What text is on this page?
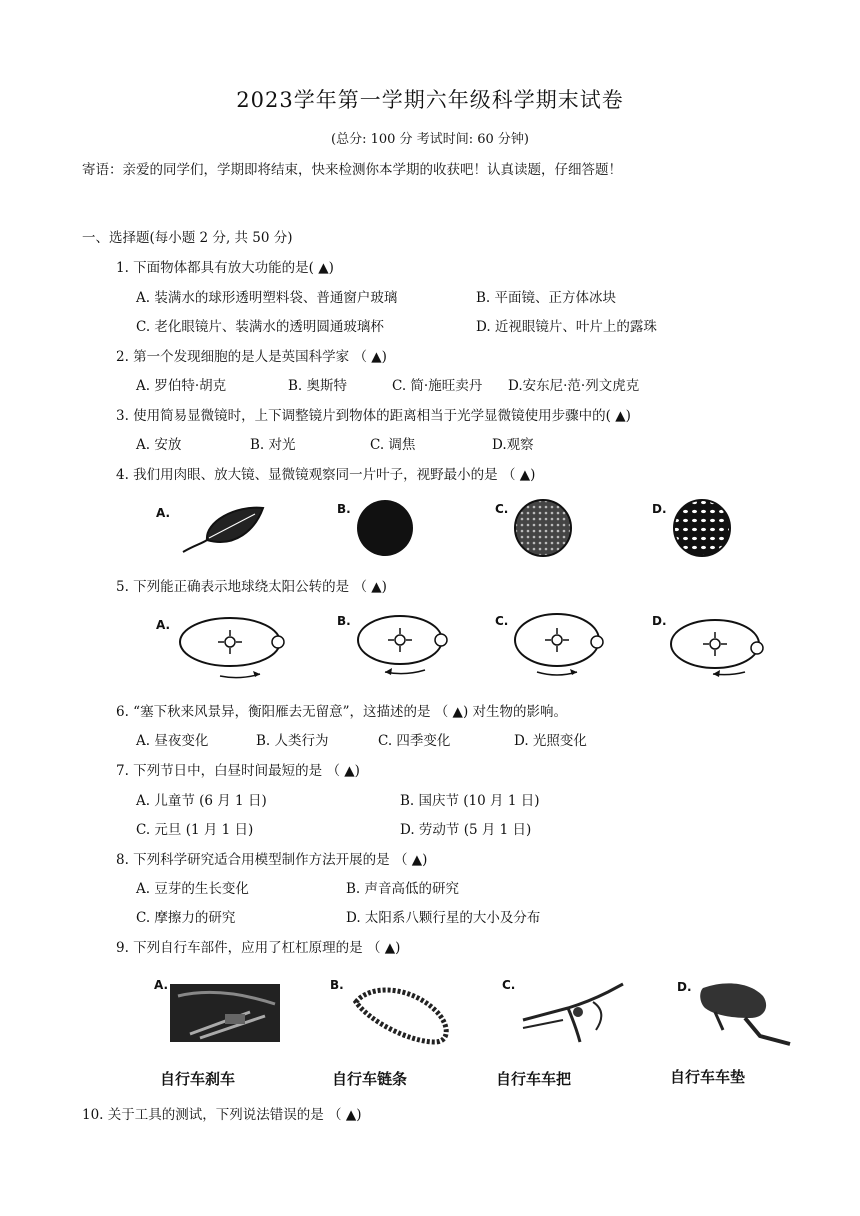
2023学年第一学期六年级科学期末试卷
(总分: 100 分 考试时间: 60 分钟)
寄语：亲爱的同学们，学期即将结束，快来检测你本学期的收获吧！认真读题，仔细答题！
一、选择题(每小题 2 分, 共 50 分)
1. 下面物体都具有放大功能的是( ▲)
A. 装满水的球形透明塑料袋、普通窗户玻璃	B. 平面镜、正方体冰块
C. 老化眼镜片、装满水的透明圆通玻璃杯	D. 近视眼镜片、叶片上的露珠
2. 第一个发现细胞的是人是英国科学家 （ ▲)
A. 罗伯特·胡克	B. 奥斯特	C. 简·施旺卖丹 D.安东尼·范·列文虎克
3. 使用简易显微镜时，上下调整镜片到物体的距离相当于光学显微镜使用步骤中的( ▲)
A. 安放	B. 对光	C. 调焦	D.观察
4. 我们用肉眼、放大镜、显微镜观察同一片叶子，视野最小的是 （ ▲)
A.	B.	C.	D.
5. 下列能正确表示地球绕太阳公转的是 （ ▲)
A.	B.	C.	D.
6. “塞下秋来风景异，衡阳雁去无留意”，这描述的是 （ ▲) 对生物的影响。
A. 昼夜变化	B. 人类行为	C. 四季变化	D. 光照变化
7. 下列节日中，白昼时间最短的是 （ ▲)
A. 儿童节 (6 月 1 日)	B. 国庆节 (10 月 1 日)
C. 元旦 (1 月 1 日)	D. 劳动节 (5 月 1 日)
8. 下列科学研究适合用模型制作方法开展的是 （ ▲)
A. 豆芽的生长变化	B. 声音高低的研究
C. 摩擦力的研究	D. 太阳系八颗行星的大小及分布
9. 下列自行车部件，应用了杠杠原理的是 （ ▲)
A.
自行车刹车
B.
自行车链条
C.
自行车车把
D.
自行车车垫
10. 关于工具的测试，下列说法错误的是 （ ▲)
